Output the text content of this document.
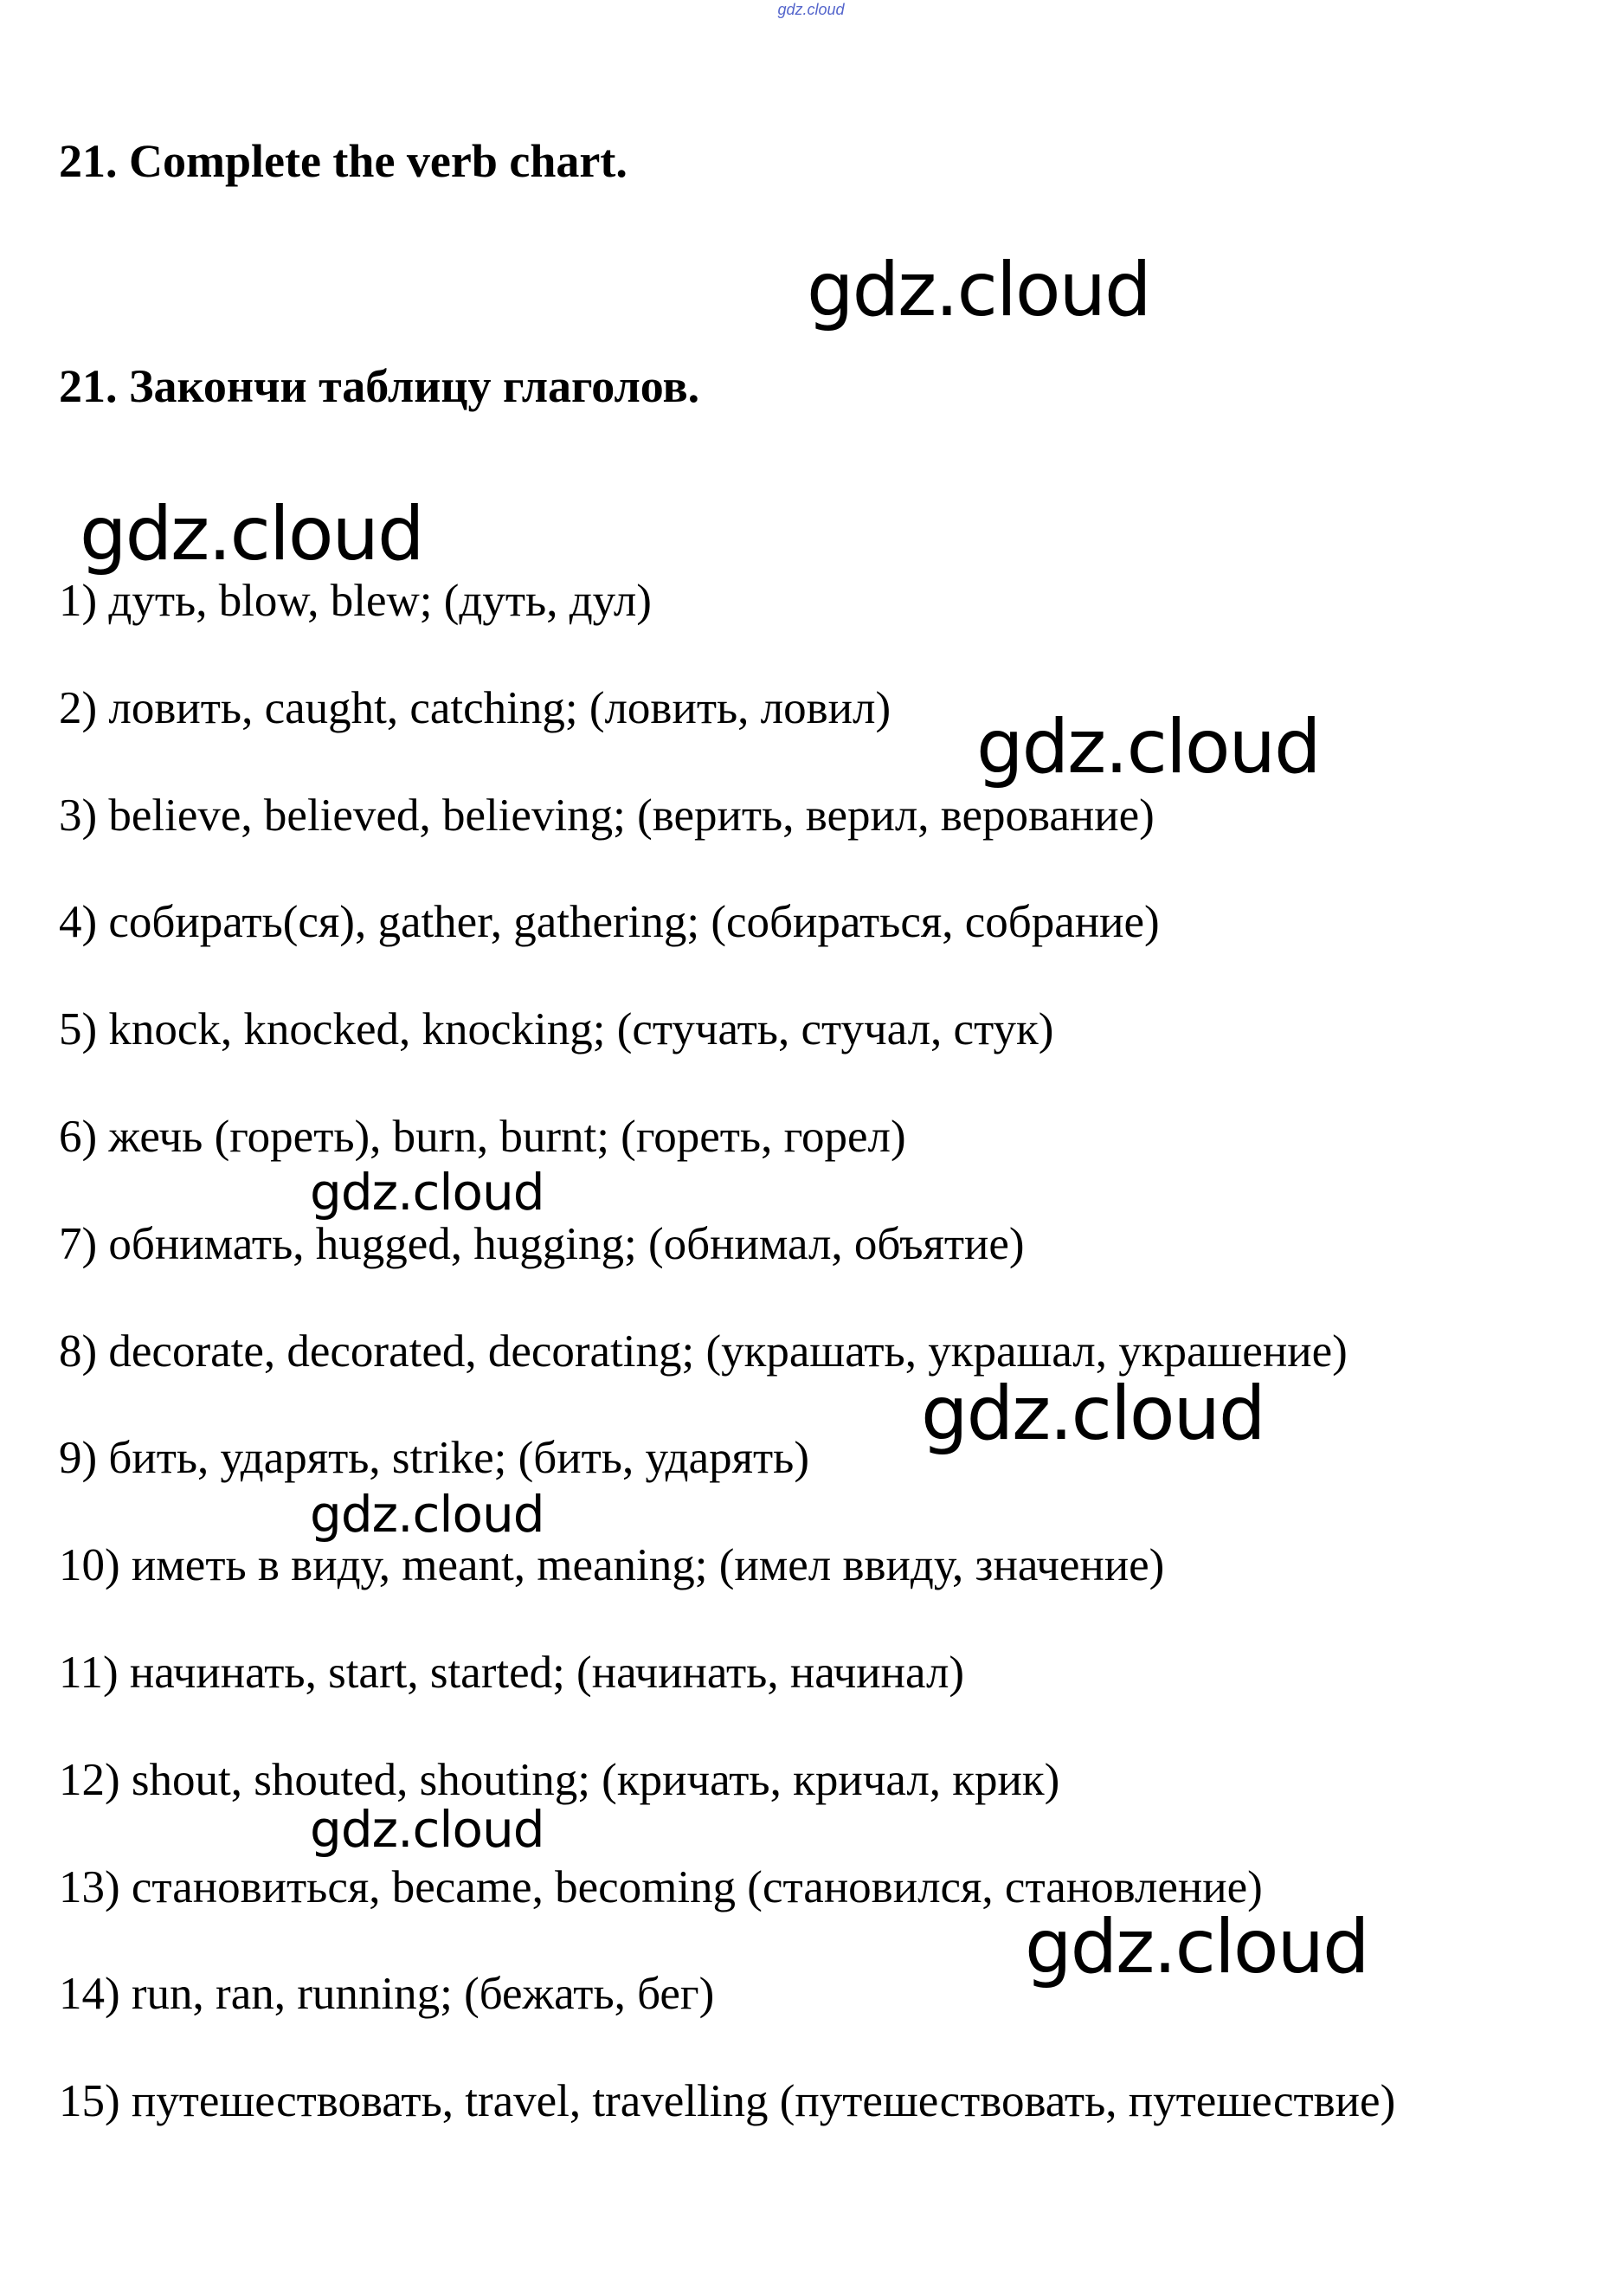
gdz.cloud
21. Complete the verb chart.
21. Закончи таблицу глаголов.
1) дуть, blow, blew; (дуть, дул)
2) ловить, caught, catching; (ловить, ловил)
3) believe, believed, believing; (верить, верил, верование)
4) собирать(ся), gather, gathering; (собираться, собрание)
5) knock, knocked, knocking; (стучать, стучал, стук)
6) жечь (гореть), burn, burnt; (гореть, горел)
7) обнимать, hugged, hugging; (обнимал, объятие)
8) decorate, decorated, decorating; (украшать, украшал, украшение)
9) бить, ударять, strike; (бить, ударять)
10) иметь в виду, meant, meaning; (имел ввиду, значение)
11) начинать, start, started; (начинать, начинал)
12) shout, shouted, shouting; (кричать, кричал, крик)
13) становиться, became, becoming (становился, становление)
14) run, ran, running; (бежать, бег)
15) путешествовать, travel, travelling (путешествовать, путешествие)
gdz.cloud
gdz.cloud
gdz.cloud
gdz.cloud
gdz.cloud
gdz.cloud
gdz.cloud
gdz.cloud
